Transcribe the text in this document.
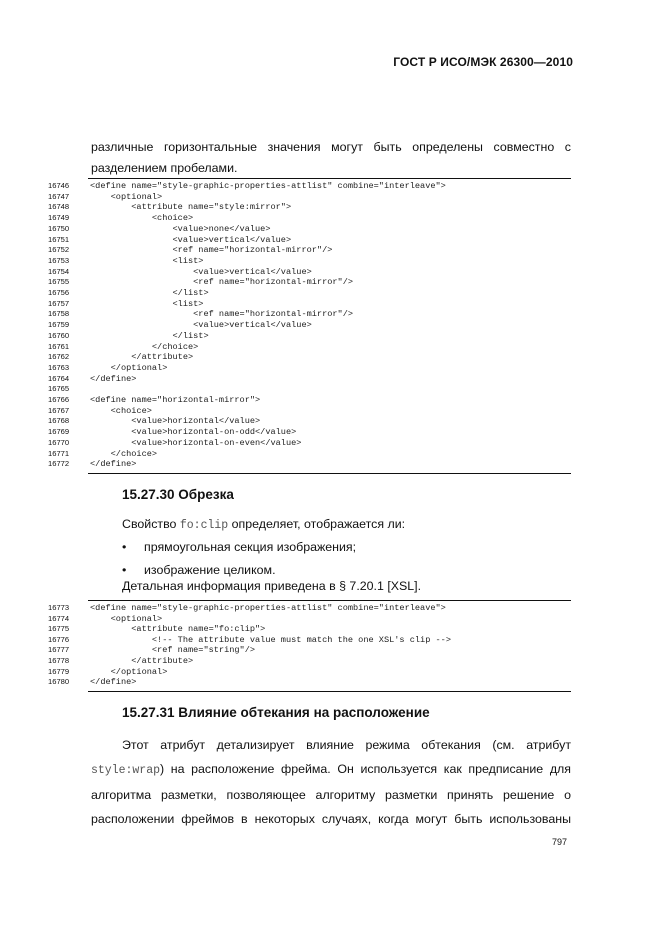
ГОСТ Р ИСО/МЭК 26300—2010
различные горизонтальные значения могут быть определены совместно с
разделением пробелами.
16746	<define name="style-graphic-properties-attlist" combine="interleave">
16747	<optional>
16748	<attribute name="style:mirror">
16749	<choice>
16750	<value>none</value>
16751	<value>vertical</value>
16752	<ref name="horizontal-mirror"/>
16753	<list>
16754	<value>vertical</value>
16755	<ref name="horizontal-mirror"/>
16756	</list>
16757	<list>
16758	<ref name="horizontal-mirror"/>
16759	<value>vertical</value>
16760	</list>
16761	</choice>
16762	</attribute>
16763	</optional>
16764	</define>
16765
16766	<define name="horizontal-mirror">
16767	<choice>
16768	<value>horizontal</value>
16769	<value>horizontal-on-odd</value>
16770	<value>horizontal-on-even</value>
16771	</choice>
16772	</define>
15.27.30 Обрезка
Свойство fo:clip определяет, отображается ли:
• прямоугольная секция изображения;
• изображение целиком.
Детальная информация приведена в § 7.20.1 [XSL].
16773	<define name="style-graphic-properties-attlist" combine="interleave">
16774	<optional>
16775	<attribute name="fo:clip">
16776	<!-- The attribute value must match the one XSL's clip -->
16777	<ref name="string"/>
16778	</attribute>
16779	</optional>
16780	</define>
15.27.31 Влияние обтекания на расположение
Этот атрибут детализирует влияние режима обтекания (см. атрибут
style:wrap) на расположение фрейма. Он используется как предписание для
алгоритма разметки, позволяющее алгоритму разметки принять решение о
расположении фреймов в некоторых случаях, когда могут быть использованы
797
